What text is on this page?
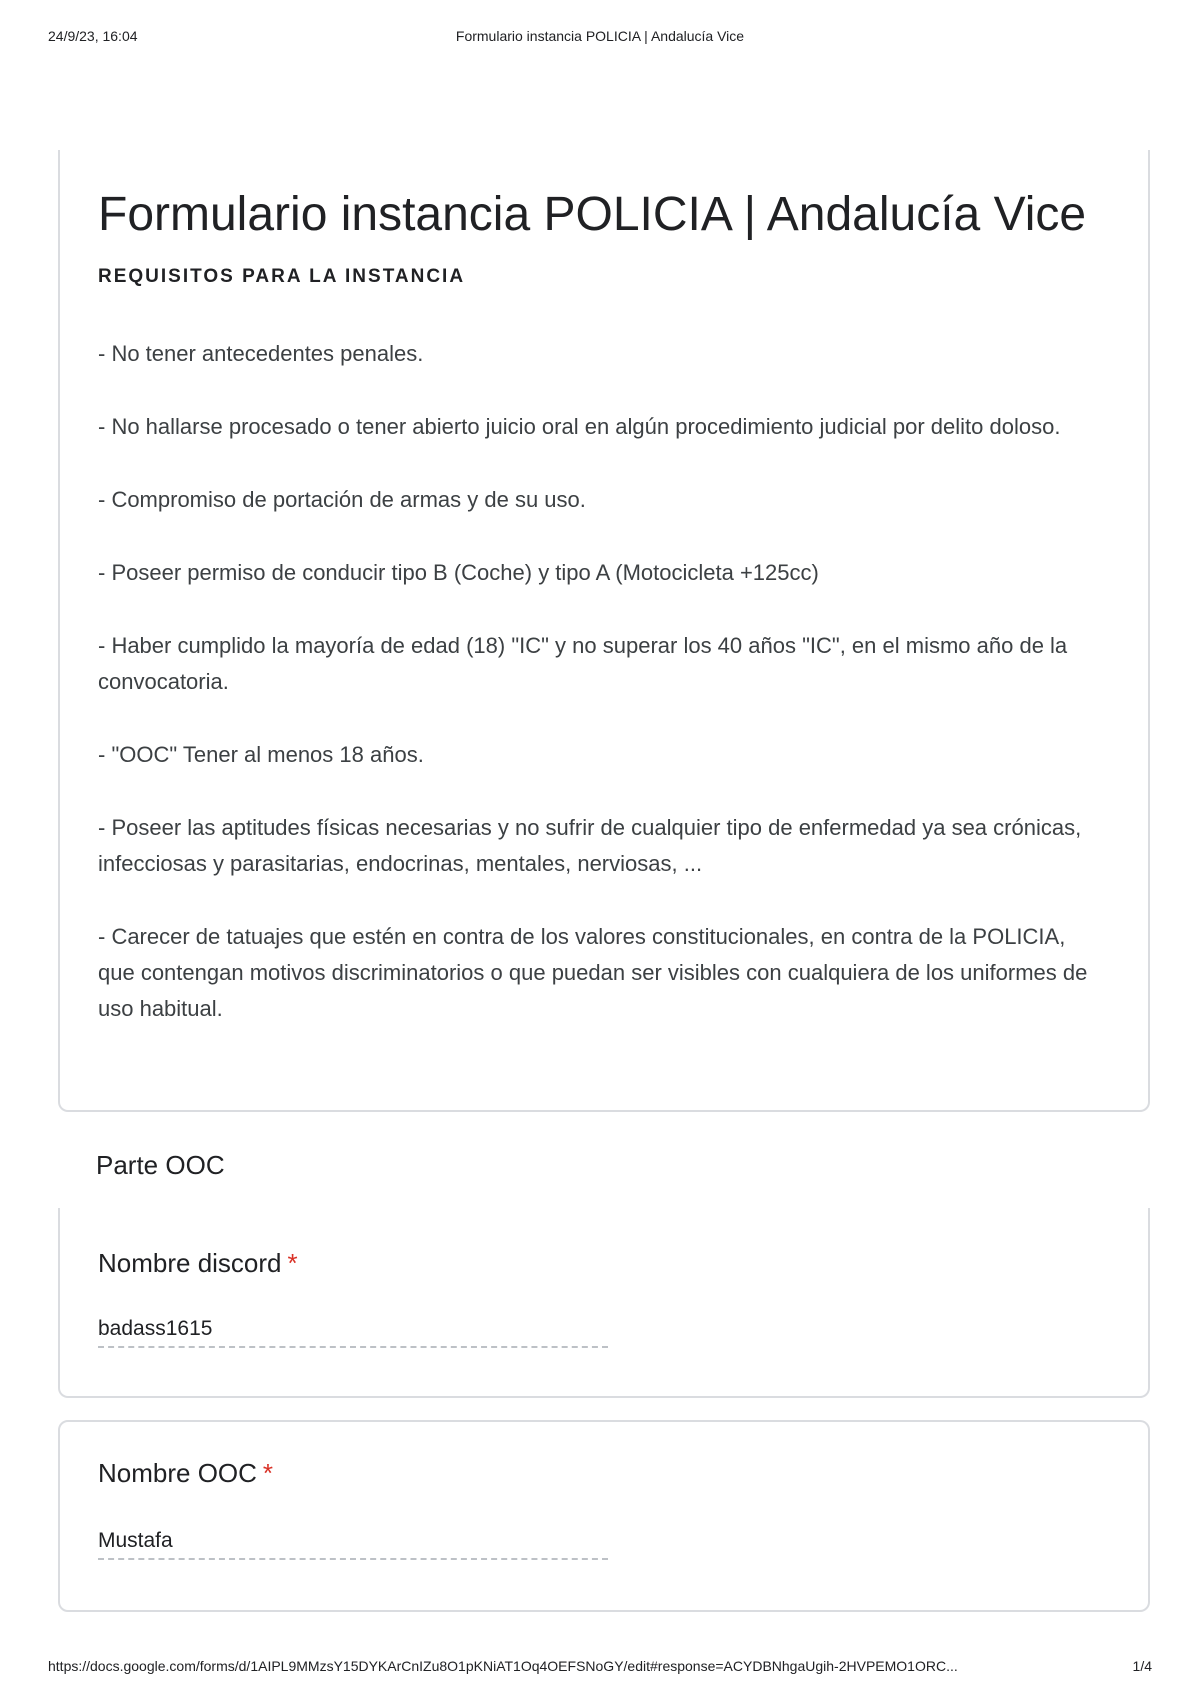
24/9/23, 16:04	Formulario instancia POLICIA | Andalucía Vice
Formulario instancia POLICIA | Andalucía Vice
REQUISITOS PARA LA INSTANCIA
- No tener antecedentes penales.
- No hallarse procesado o tener abierto juicio oral en algún procedimiento judicial por delito doloso.
- Compromiso de portación de armas y de su uso.
- Poseer permiso de conducir tipo B (Coche) y tipo A (Motocicleta +125cc)
- Haber cumplido la mayoría de edad (18) "IC" y no superar los 40 años "IC", en el mismo año de la convocatoria.
- "OOC" Tener al menos 18 años.
- Poseer las aptitudes físicas necesarias y no sufrir de cualquier tipo de enfermedad ya sea crónicas, infecciosas y parasitarias, endocrinas, mentales, nerviosas, ...
- Carecer de tatuajes que estén en contra de los valores constitucionales, en contra de la POLICIA, que contengan motivos discriminatorios o que puedan ser visibles con cualquiera de los uniformes de uso habitual.
Parte OOC
Nombre discord *
badass1615
Nombre OOC *
Mustafa
https://docs.google.com/forms/d/1AIPL9MMzsY15DYKArCnIZu8O1pKNiAT1Oq4OEFSNoGY/edit#response=ACYDBNhgaUgih-2HVPEMO1ORC...	1/4
